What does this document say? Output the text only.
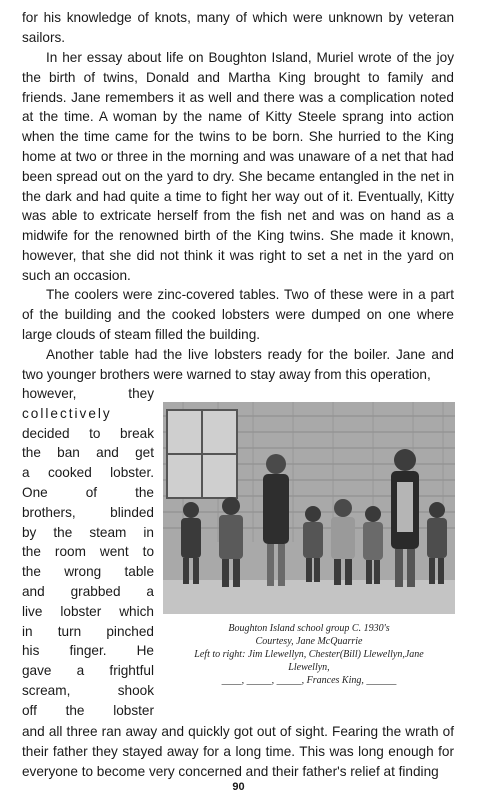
for his knowledge of knots, many of which were unknown by veteran sailors.

In her essay about life on Boughton Island, Muriel wrote of the joy the birth of twins, Donald and Martha King brought to family and friends. Jane remembers it as well and there was a complication noted at the time. A woman by the name of Kitty Steele sprang into action when the time came for the twins to be born. She hurried to the King home at two or three in the morning and was unaware of a net that had been spread out on the yard to dry. She became entangled in the net in the dark and had quite a time to fight her way out of it. Eventually, Kitty was able to extricate herself from the fish net and was on hand as a midwife for the renowned birth of the King twins. She made it known, however, that she did not think it was right to set a net in the yard on such an occasion.

The coolers were zinc-covered tables. Two of these were in a part of the building and the cooked lobsters were dumped on one where large clouds of steam filled the building.

Another table had the live lobsters ready for the boiler. Jane and two younger brothers were warned to stay away from this operation,

however, they
collectively
decided to break
the ban and get
a cooked lobster.
One of the
brothers, blinded
by the steam in
the room went to
the wrong table
and grabbed a
live lobster which
in turn pinched
his finger. He
gave a frightful
scream, shook
off the lobster
Boughton Island school group C. 1930's
Courtesy, Jane McQuarrie
Left to right: Jim Llewellyn, Chester(Bill) Llewellyn,Jane
Llewellyn,
____, _____, _____, Frances King, ______

and all three ran away and quickly got out of sight. Fearing the wrath of their father they stayed away for a long time. This was long enough for everyone to become very concerned and their father's relief at finding

90
